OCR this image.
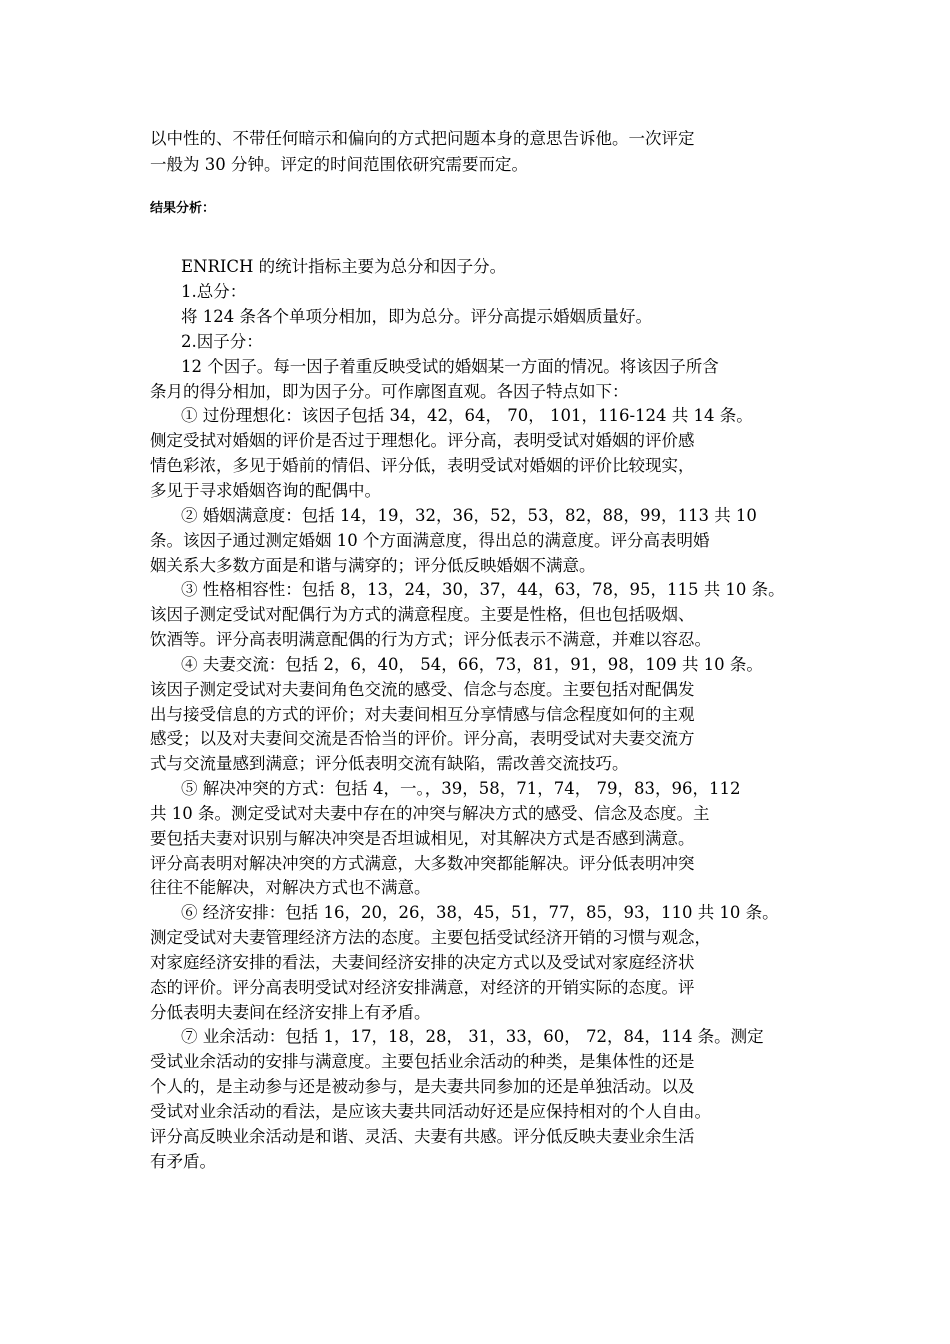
以中性的、不带任何暗示和偏向的方式把问题本身的意思告诉他。一次评定
一般为 30 分钟。评定的时间范围依研究需要而定。
结果分析：
ENRICH 的统计指标主要为总分和因子分。
1.总分：
将 124 条各个单项分相加，即为总分。评分高提示婚姻质量好。
2.因子分：
12 个因子。每一因子着重反映受试的婚姻某一方面的情况。将该因子所含
条月的得分相加，即为因子分。可作廓图直观。各因子特点如下：
① 过份理想化：该因子包括 34，42，64， 70， 101，116-124 共 14 条。
侧定受拭对婚姻的评价是否过于理想化。评分高，表明受试对婚姻的评价感
情色彩浓，多见于婚前的情侣、评分低，表明受试对婚姻的评价比较现实，
多见于寻求婚姻咨询的配偶中。
② 婚姻满意度：包括 14，19，32，36，52，53，82，88，99，113 共 10
条。该因子通过测定婚姻 10 个方面满意度，得出总的满意度。评分高表明婚
姻关系大多数方面是和谐与满穿的；评分低反映婚姻不满意。
③ 性格相容性：包括 8，13，24，30，37，44，63，78，95，115 共 10 条。
该因子测定受试对配偶行为方式的满意程度。主要是性格，但也包括吸烟、
饮酒等。评分高表明满意配偶的行为方式；评分低表示不满意，并难以容忍。
④ 夫妻交流：包括 2，6，40， 54，66，73，81，91，98，109 共 10 条。
该因子测定受试对夫妻间角色交流的感受、信念与态度。主要包括对配偶发
出与接受信息的方式的评价；对夫妻间相互分享情感与信念程度如何的主观
感受；以及对夫妻间交流是否恰当的评价。评分高，表明受试对夫妻交流方
式与交流量感到满意；评分低表明交流有缺陷，需改善交流技巧。
⑤ 解决冲突的方式：包括 4，一。，39，58，71，74， 79，83，96，112
共 10 条。测定受试对夫妻中存在的冲突与解决方式的感受、信念及态度。主
要包括夫妻对识别与解决冲突是否坦诚相见，对其解决方式是否感到满意。
评分高表明对解决冲突的方式满意，大多数冲突都能解决。评分低表明冲突
往往不能解决，对解决方式也不满意。
⑥ 经济安排：包括 16，20，26，38，45，51，77，85，93，110 共 10 条。
测定受试对夫妻管理经济方法的态度。主要包括受试经济开销的习惯与观念，
对家庭经济安排的看法，夫妻间经济安排的决定方式以及受试对家庭经济状
态的评价。评分高表明受试对经济安排满意，对经济的开销实际的态度。评
分低表明夫妻间在经济安排上有矛盾。
⑦ 业余活动：包括 1，17，18，28， 31，33，60， 72，84，114 条。测定
受试业余活动的安排与满意度。主要包括业余活动的种类，是集体性的还是
个人的，是主动参与还是被动参与，是夫妻共同参加的还是单独活动。以及
受试对业余活动的看法，是应该夫妻共同活动好还是应保持相对的个人自由。
评分高反映业余活动是和谐、灵活、夫妻有共感。评分低反映夫妻业余生活
有矛盾。
